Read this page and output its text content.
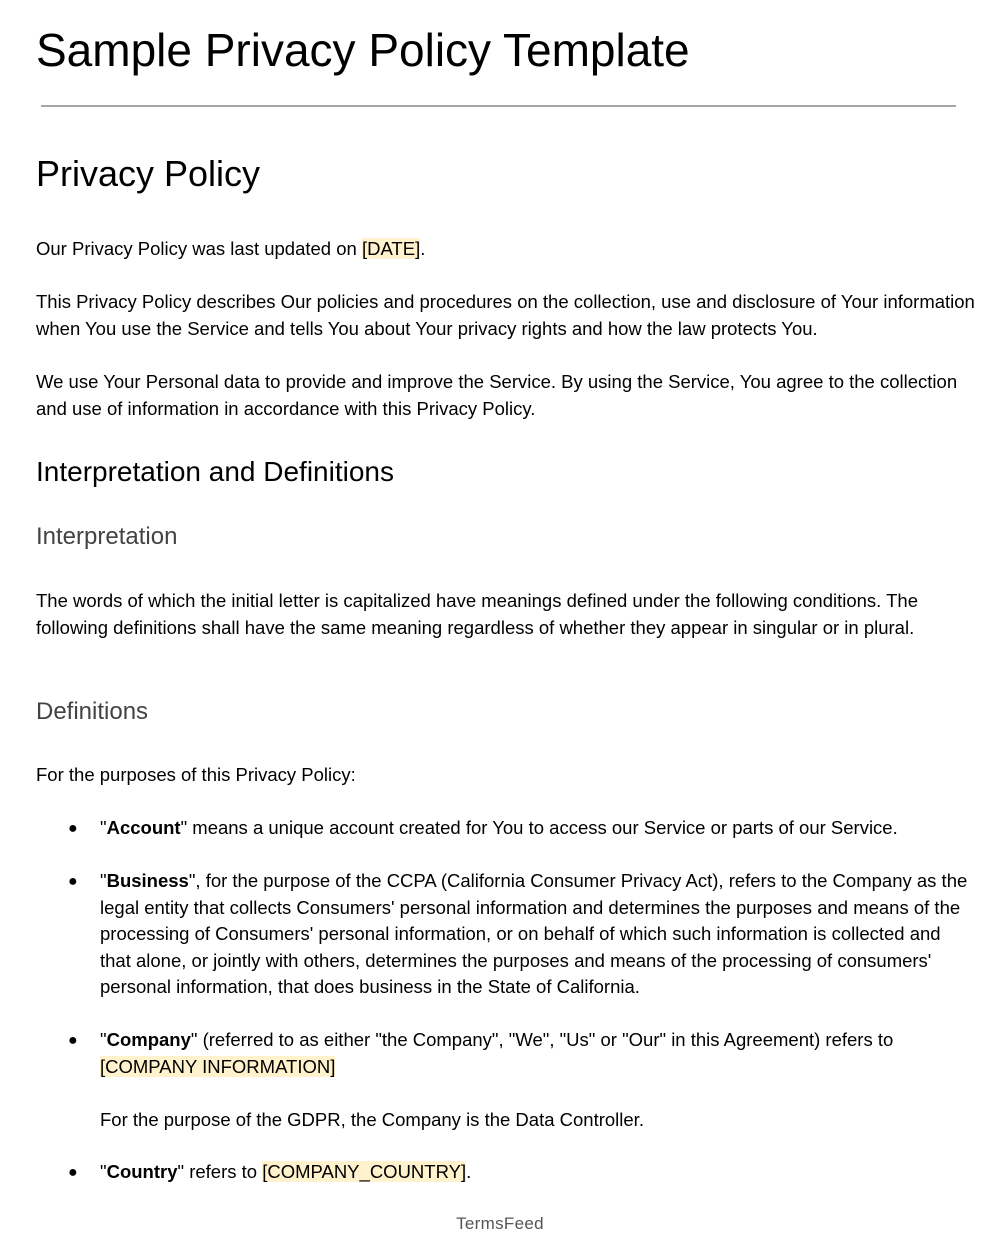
Sample Privacy Policy Template
Privacy Policy

Our Privacy Policy was last updated on [DATE].

This Privacy Policy describes Our policies and procedures on the collection, use and disclosure of Your information when You use the Service and tells You about Your privacy rights and how the law protects You.

We use Your Personal data to provide and improve the Service. By using the Service, You agree to the collection and use of information in accordance with this Privacy Policy.

Interpretation and Definitions
Interpretation

The words of which the initial letter is capitalized have meanings defined under the following conditions. The following definitions shall have the same meaning regardless of whether they appear in singular or in plural.

Definitions

For the purposes of this Privacy Policy:

● "Account" means a unique account created for You to access our Service or parts of our Service.

● "Business", for the purpose of the CCPA (California Consumer Privacy Act), refers to the Company as the legal entity that collects Consumers' personal information and determines the purposes and means of the processing of Consumers' personal information, or on behalf of which such information is collected and that alone, or jointly with others, determines the purposes and means of the processing of consumers' personal information, that does business in the State of California.

● "Company" (referred to as either "the Company", "We", "Us" or "Our" in this Agreement) refers to [COMPANY INFORMATION]

For the purpose of the GDPR, the Company is the Data Controller.

● "Country" refers to [COMPANY_COUNTRY].

TermsFeed
